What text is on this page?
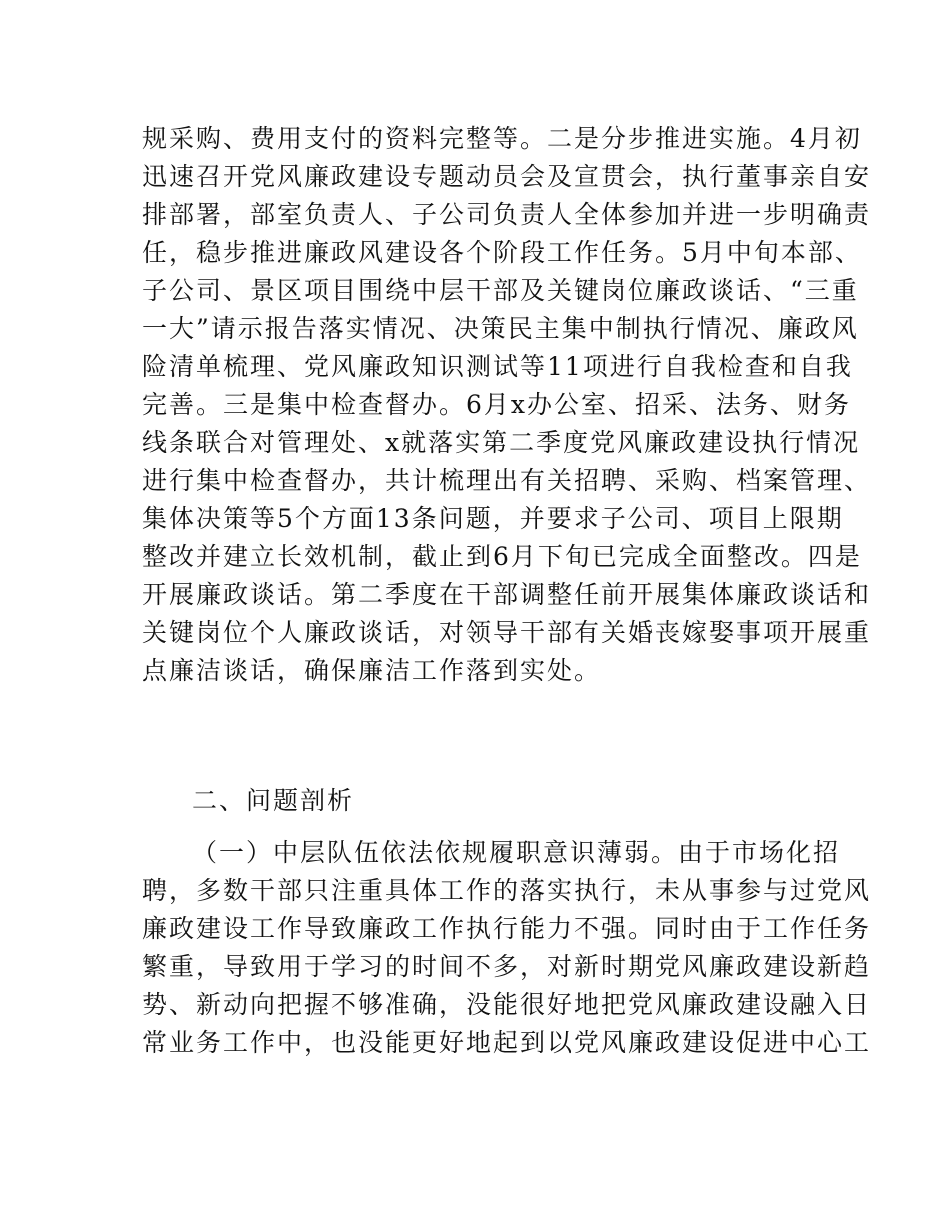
规采购、费用支付的资料完整等。二是分步推进实施。4月初
迅速召开党风廉政建设专题动员会及宣贯会，执行董事亲自安
排部署，部室负责人、子公司负责人全体参加并进一步明确责
任，稳步推进廉政风建设各个阶段工作任务。5月中旬本部、
子公司、景区项目围绕中层干部及关键岗位廉政谈话、“三重
一大”请示报告落实情况、决策民主集中制执行情况、廉政风
险清单梳理、党风廉政知识测试等11项进行自我检查和自我
完善。三是集中检查督办。6月x办公室、招采、法务、财务
线条联合对管理处、x就落实第二季度党风廉政建设执行情况
进行集中检查督办，共计梳理出有关招聘、采购、档案管理、
集体决策等5个方面13条问题，并要求子公司、项目上限期
整改并建立长效机制，截止到6月下旬已完成全面整改。四是
开展廉政谈话。第二季度在干部调整任前开展集体廉政谈话和
关键岗位个人廉政谈话，对领导干部有关婚丧嫁娶事项开展重
点廉洁谈话，确保廉洁工作落到实处。
二、问题剖析
（一）中层队伍依法依规履职意识薄弱。由于市场化招
聘，多数干部只注重具体工作的落实执行，未从事参与过党风
廉政建设工作导致廉政工作执行能力不强。同时由于工作任务
繁重，导致用于学习的时间不多，对新时期党风廉政建设新趋
势、新动向把握不够准确，没能很好地把党风廉政建设融入日
常业务工作中，也没能更好地起到以党风廉政建设促进中心工
